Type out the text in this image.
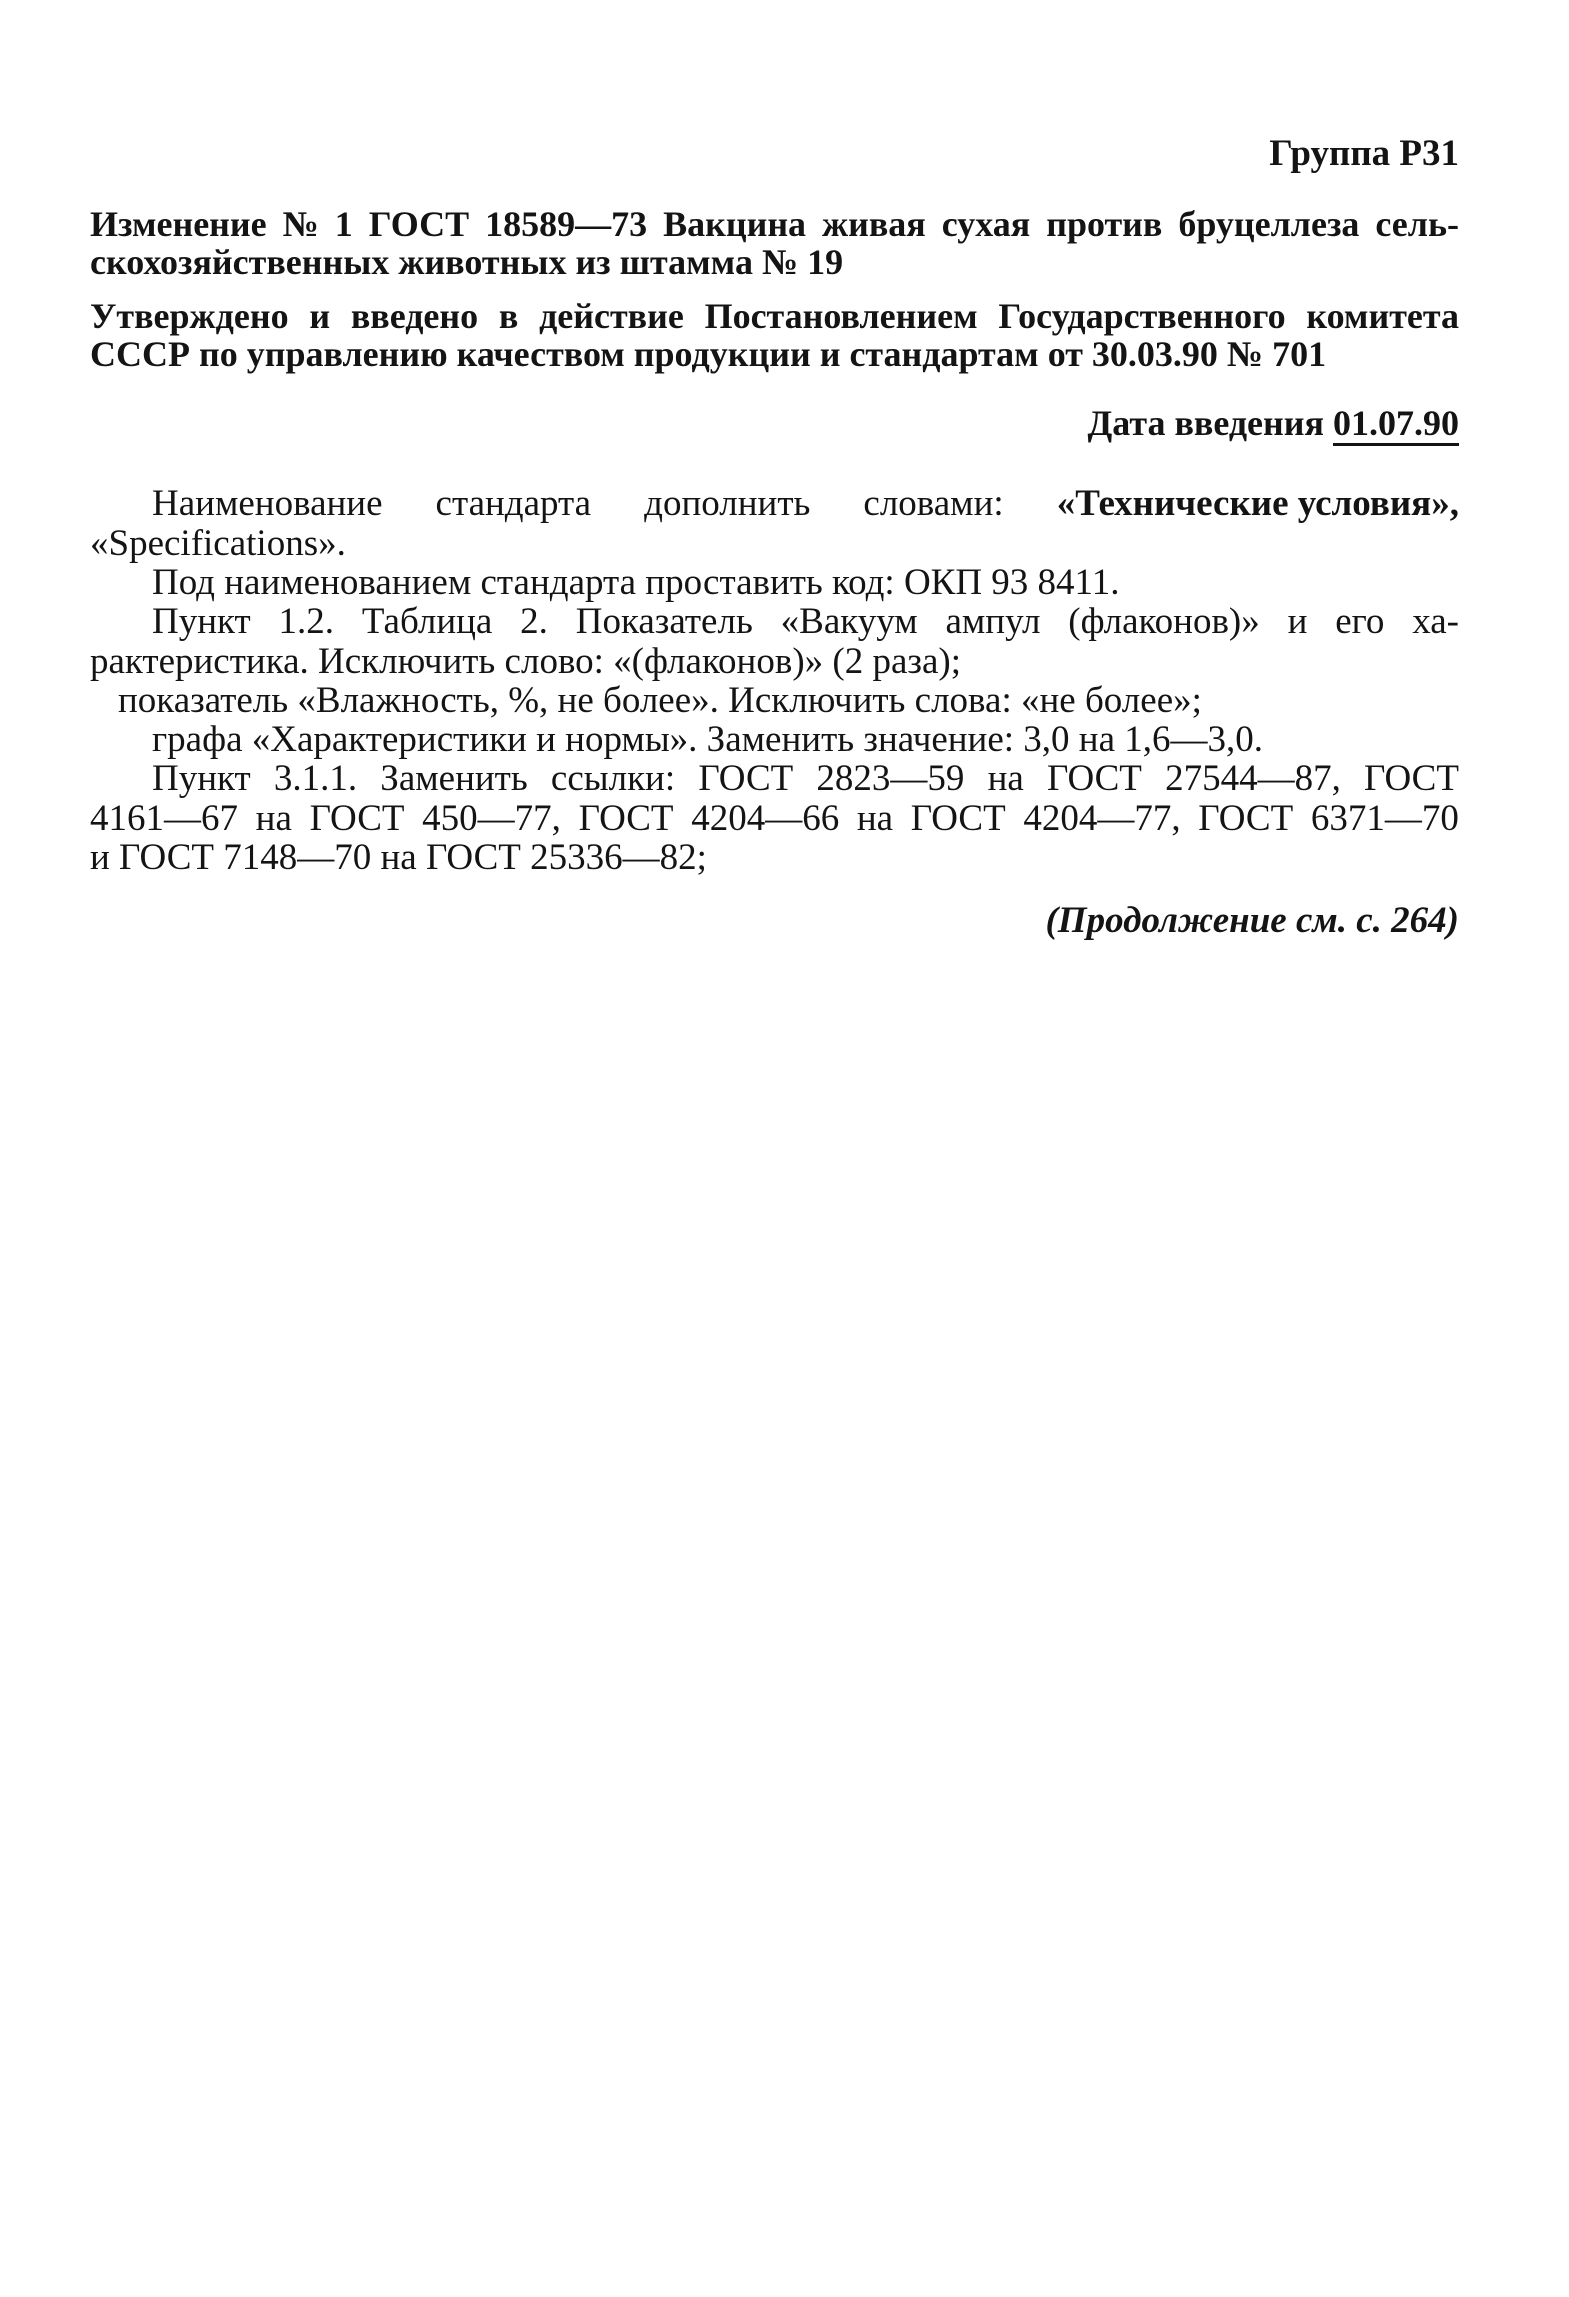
Группа Р31
Изменение № 1 ГОСТ 18589—73 Вакцина живая сухая против бруцеллеза сель-
скохозяйственных животных из штамма № 19
Утверждено и введено в действие Постановлением Государственного комитета
СССР по управлению качеством продукции и стандартам от 30.03.90 № 701
Дата введения 01.07.90
Наименование стандарта дополнить словами: «Технические условия»,
«Specifications».
Под наименованием стандарта проставить код: ОКП 93 8411.
Пункт 1.2. Таблица 2. Показатель «Вакуум ампул (флаконов)» и его ха-
рактеристика. Исключить слово: «(флаконов)» (2 раза);
показатель «Влажность, %, не более». Исключить слова: «не более»;
графа «Характеристики и нормы». Заменить значение: 3,0 на 1,6—3,0.
Пункт 3.1.1. Заменить ссылки: ГОСТ 2823—59 на ГОСТ 27544—87, ГОСТ
4161—67 на ГОСТ 450—77, ГОСТ 4204—66 на ГОСТ 4204—77, ГОСТ 6371—70
и ГОСТ 7148—70 на ГОСТ 25336—82;
(Продолжение см. с. 264)
